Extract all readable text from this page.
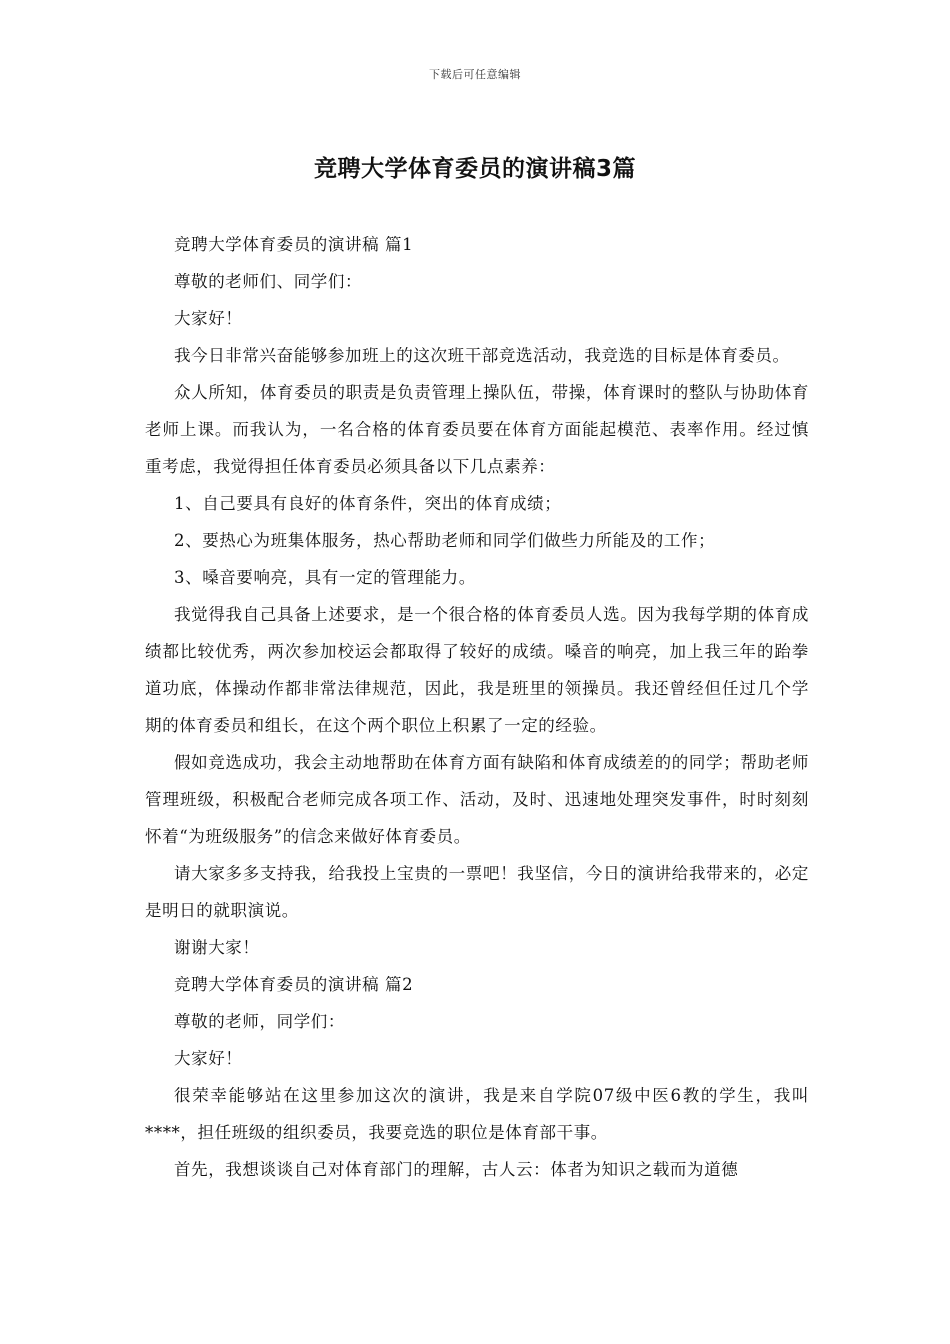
下载后可任意编辑
竞聘大学体育委员的演讲稿3篇

竞聘大学体育委员的演讲稿 篇1

尊敬的老师们、同学们：

大家好！

我今日非常兴奋能够参加班上的这次班干部竞选活动，我竞选的目标是体育委员。

众人所知，体育委员的职责是负责管理上操队伍，带操，体育课时的整队与协助体育老师上课。而我认为，一名合格的体育委员要在体育方面能起模范、表率作用。经过慎重考虑，我觉得担任体育委员必须具备以下几点素养：

1、自己要具有良好的体育条件，突出的体育成绩；

2、要热心为班集体服务，热心帮助老师和同学们做些力所能及的工作；

3、嗓音要响亮，具有一定的管理能力。

我觉得我自己具备上述要求，是一个很合格的体育委员人选。因为我每学期的体育成绩都比较优秀，两次参加校运会都取得了较好的成绩。嗓音的响亮，加上我三年的跆拳道功底，体操动作都非常法律规范，因此，我是班里的领操员。我还曾经但任过几个学期的体育委员和组长，在这个两个职位上积累了一定的经验。

假如竞选成功，我会主动地帮助在体育方面有缺陷和体育成绩差的的同学；帮助老师管理班级，积极配合老师完成各项工作、活动，及时、迅速地处理突发事件，时时刻刻怀着“为班级服务”的信念来做好体育委员。

请大家多多支持我，给我投上宝贵的一票吧！我坚信，今日的演讲给我带来的，必定是明日的就职演说。

谢谢大家！

竞聘大学体育委员的演讲稿 篇2

尊敬的老师，同学们：

大家好！

很荣幸能够站在这里参加这次的演讲，我是来自学院07级中医6教的学生，我叫****，担任班级的组织委员，我要竞选的职位是体育部干事。

首先，我想谈谈自己对体育部门的理解，古人云：体者为知识之载而为道德
